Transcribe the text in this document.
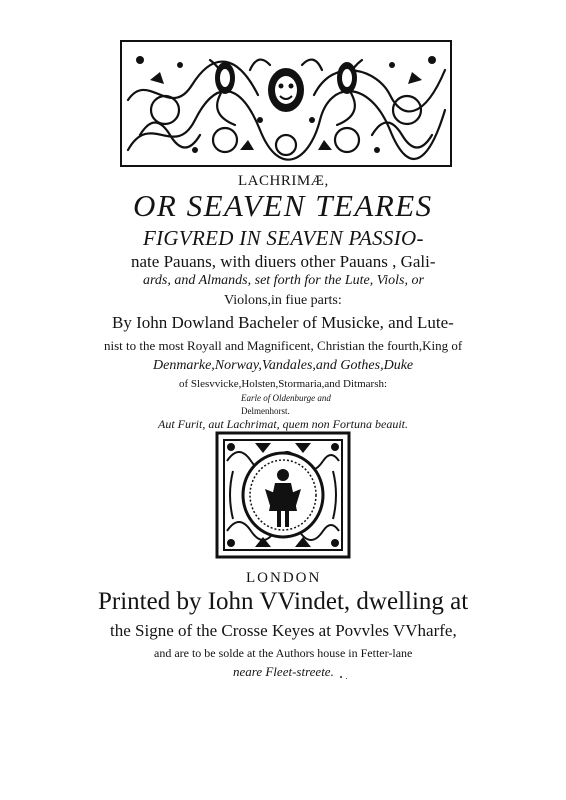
LACHRIMÆ,
OR SEAVEN TEARES
FIGVRED IN SEAVEN PASSIO-
nate Pauans, with diuers other Pauans , Gali-
ards, and Almands, set forth for the Lute, Viols, or
Violons,in fiue parts:
By Iohn Dowland Bacheler of Musicke, and Lute-
nist to the most Royall and Magnificent, Christian the fourth,King of
Denmarke,Norway,Vandales,and Gothes,Duke
of Slesvvicke,Holsten,Stormaria,and Ditmarsh:
Earle of Oldenburge and
Delmenhorst.
Aut Furit, aut Lachrimat, quem non Fortuna beauit.
LONDON
Printed by Iohn VVindet, dwelling at
the Signe of the Crosse Keyes at Povvles VVharfe,
and are to be solde at the Authors house in Fetter-lane
neare Fleet-streete.
